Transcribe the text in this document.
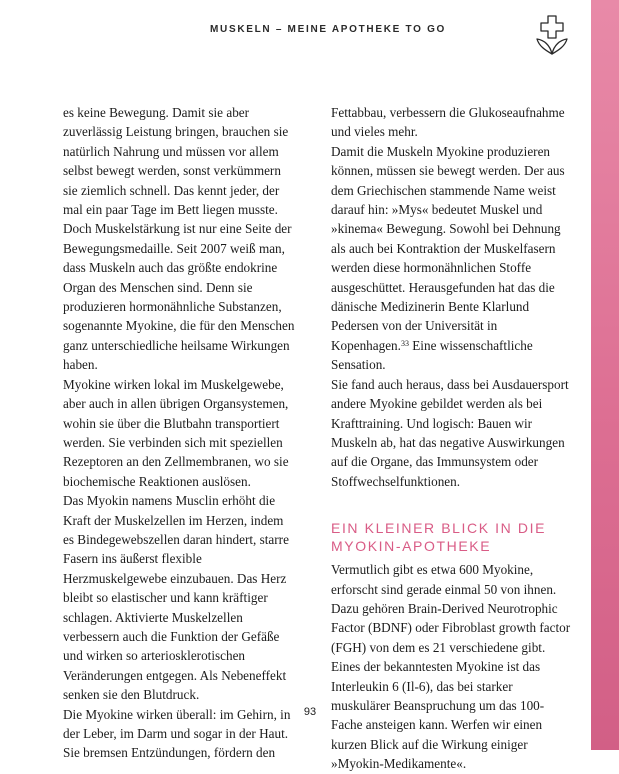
MUSKELN – MEINE APOTHEKE TO GO

es keine Bewegung. Damit sie aber zuverlässig Leistung bringen, brauchen sie natürlich Nahrung und müssen vor allem selbst bewegt werden, sonst verkümmern sie ziemlich schnell. Das kennt jeder, der mal ein paar Tage im Bett liegen musste.

Doch Muskelstärkung ist nur eine Seite der Bewegungsmedaille. Seit 2007 weiß man, dass Muskeln auch das größte endokrine Organ des Menschen sind. Denn sie produzieren hormonähnliche Substanzen, sogenannte Myokine, die für den Menschen ganz unterschiedliche heilsame Wirkungen haben.

Myokine wirken lokal im Muskelgewebe, aber auch in allen übrigen Organsystemen, wohin sie über die Blutbahn transportiert werden. Sie verbinden sich mit speziellen Rezeptoren an den Zellmembranen, wo sie biochemische Reaktionen auslösen.

Das Myokin namens Musclin erhöht die Kraft der Muskelzellen im Herzen, indem es Bindegewebszellen daran hindert, starre Fasern ins äußerst flexible Herzmuskelgewebe einzubauen. Das Herz bleibt so elastischer und kann kräftiger schlagen. Aktivierte Muskelzellen verbessern auch die Funktion der Gefäße und wirken so arteriosklerotischen Veränderungen entgegen. Als Nebeneffekt senken sie den Blutdruck.

Die Myokine wirken überall: im Gehirn, in der Leber, im Darm und sogar in der Haut. Sie bremsen Entzündungen, fördern den

Fettabbau, verbessern die Glukoseaufnahme und vieles mehr.

Damit die Muskeln Myokine produzieren können, müssen sie bewegt werden. Der aus dem Griechischen stammende Name weist darauf hin: »Mys« bedeutet Muskel und »kinema« Bewegung. Sowohl bei Dehnung als auch bei Kontraktion der Muskelfasern werden diese hormonähnlichen Stoffe ausgeschüttet. Herausgefunden hat das die dänische Medizinerin Bente Klarlund Pedersen von der Universität in Kopenhagen.$^{33}$ Eine wissenschaftliche Sensation.

Sie fand auch heraus, dass bei Ausdauersport andere Myokine gebildet werden als bei Krafttraining. Und logisch: Bauen wir Muskeln ab, hat das negative Auswirkungen auf die Organe, das Immunsystem oder Stoffwechselfunktionen.

EIN KLEINER BLICK IN DIE MYOKIN-APOTHEKE

Vermutlich gibt es etwa 600 Myokine, erforscht sind gerade einmal 50 von ihnen. Dazu gehören Brain-Derived Neurotrophic Factor (BDNF) oder Fibroblast growth factor (FGH) von dem es 21 verschiedene gibt. Eines der bekanntesten Myokine ist das Interleukin 6 (Il-6), das bei starker muskulärer Beanspruchung um das 100-Fache ansteigen kann. Werfen wir einen kurzen Blick auf die Wirkung einiger »Myokin-Medikamente«.

93
